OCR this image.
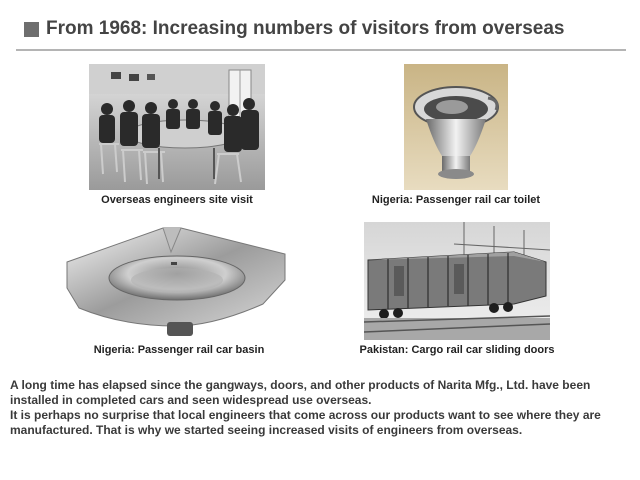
From 1968: Increasing numbers of visitors from overseas
Overseas engineers site visit	Nigeria: Passenger rail car toilet
Nigeria: Passenger rail car basin	Pakistan: Cargo rail car sliding doors

A long time has elapsed since the gangways, doors, and other products of Narita Mfg., Ltd. have been installed in completed cars and seen widespread use overseas.

It is perhaps no surprise that local engineers that come across our products want to see where they are manufactured. That is why we started seeing increased visits of engineers from overseas.
